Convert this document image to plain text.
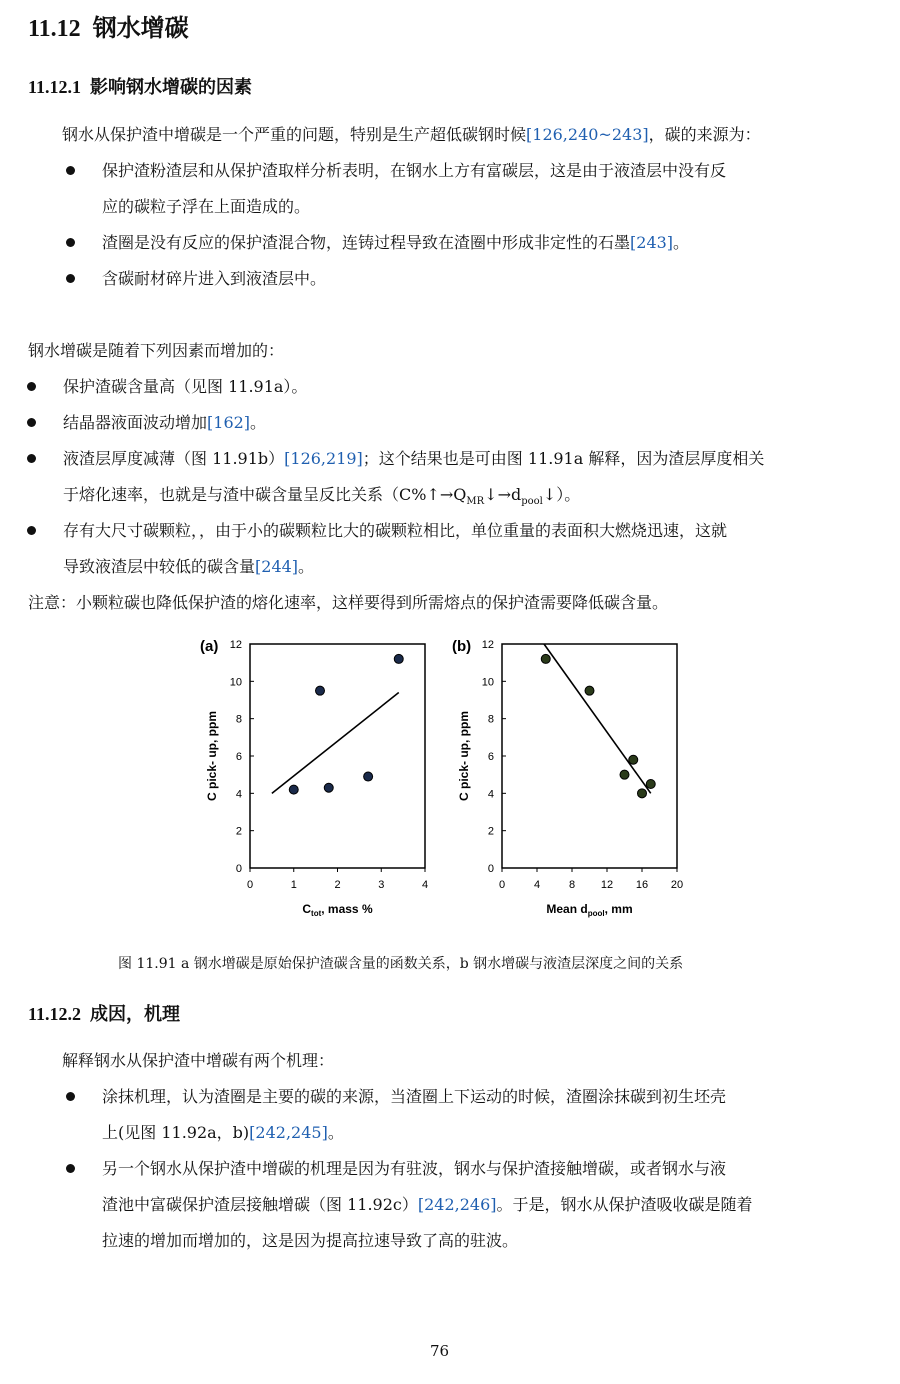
11.12 钢水增碳
11.12.1 影响钢水增碳的因素
钢水从保护渣中增碳是一个严重的问题，特别是生产超低碳钢时候[126,240~243]，碳的来源为：
保护渣粉渣层和从保护渣取样分析表明，在钢水上方有富碳层，这是由于液渣层中没有反
应的碳粒子浮在上面造成的。
渣圈是没有反应的保护渣混合物，连铸过程导致在渣圈中形成非定性的石墨[243]。
含碳耐材碎片进入到液渣层中。
钢水增碳是随着下列因素而增加的：
保护渣碳含量高（见图 11.91a）。
结晶器液面波动增加[162]。
液渣层厚度减薄（图 11.91b）[126,219]；这个结果也是可由图 11.91a 解释，因为渣层厚度相关
于熔化速率，也就是与渣中碳含量呈反比关系$(C\%↑\to Q_{MR}↓\to d_{pool}↓)$。
存有大尺寸碳颗粒，，由于小的碳颗粒比大的碳颗粒相比，单位重量的表面积大燃烧迅速，这就
导致液渣层中较低的碳含量[244]。
注意：小颗粒碳也降低保护渣的熔化速率，这样要得到所需熔点的保护渣需要降低碳含量。
(a)
0
2
4
6
8
10
12
0	1	2	3	4
C pick- up, ppm
$C_{tot}$, mass %
(b)
0
2
4
6
8
10
12
0	4	8 12 16 20
C pick- up, ppm
Mean $d_{pool}$, mm
图 11.91 a 钢水增碳是原始保护渣碳含量的函数关系，b 钢水增碳与液渣层深度之间的关系
11.12.2 成因，机理
解释钢水从保护渣中增碳有两个机理：
涂抹机理，认为渣圈是主要的碳的来源，当渣圈上下运动的时候，渣圈涂抹碳到初生坯壳
上(见图 11.92a，b)[242,245]。
另一个钢水从保护渣中增碳的机理是因为有驻波，钢水与保护渣接触增碳，或者钢水与液
渣池中富碳保护渣层接触增碳（图 11.92c）[242,246]。于是，钢水从保护渣吸收碳是随着
拉速的增加而增加的，这是因为提高拉速导致了高的驻波。
76
